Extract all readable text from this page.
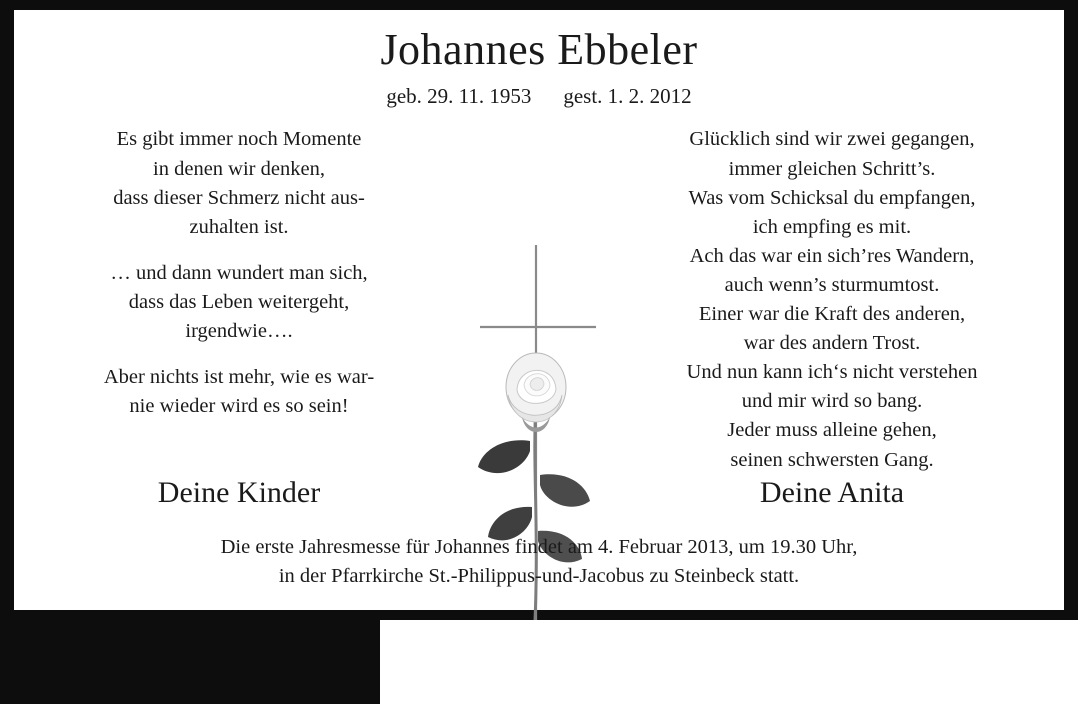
Johannes Ebbeler
geb. 29. 11. 1953 gest. 1. 2. 2012
Es gibt immer noch Momente
in denen wir denken,
dass dieser Schmerz nicht aus-
zuhalten ist.
… und dann wundert man sich,
dass das Leben weitergeht,
irgendwie….
Aber nichts ist mehr, wie es war-
nie wieder wird es so sein!
Glücklich sind wir zwei gegangen,
immer gleichen Schritt’s.
Was vom Schicksal du empfangen,
ich empfing es mit.
Ach das war ein sich’res Wandern,
auch wenn’s sturmumtost.
Einer war die Kraft des anderen,
war des andern Trost.
Und nun kann ich‘s nicht verstehen
und mir wird so bang.
Jeder muss alleine gehen,
seinen schwersten Gang.
Deine Kinder	Deine Anita
Die erste Jahresmesse für Johannes findet am 4. Februar 2013, um 19.30 Uhr,
in der Pfarrkirche St.-Philippus-und-Jacobus zu Steinbeck statt.
